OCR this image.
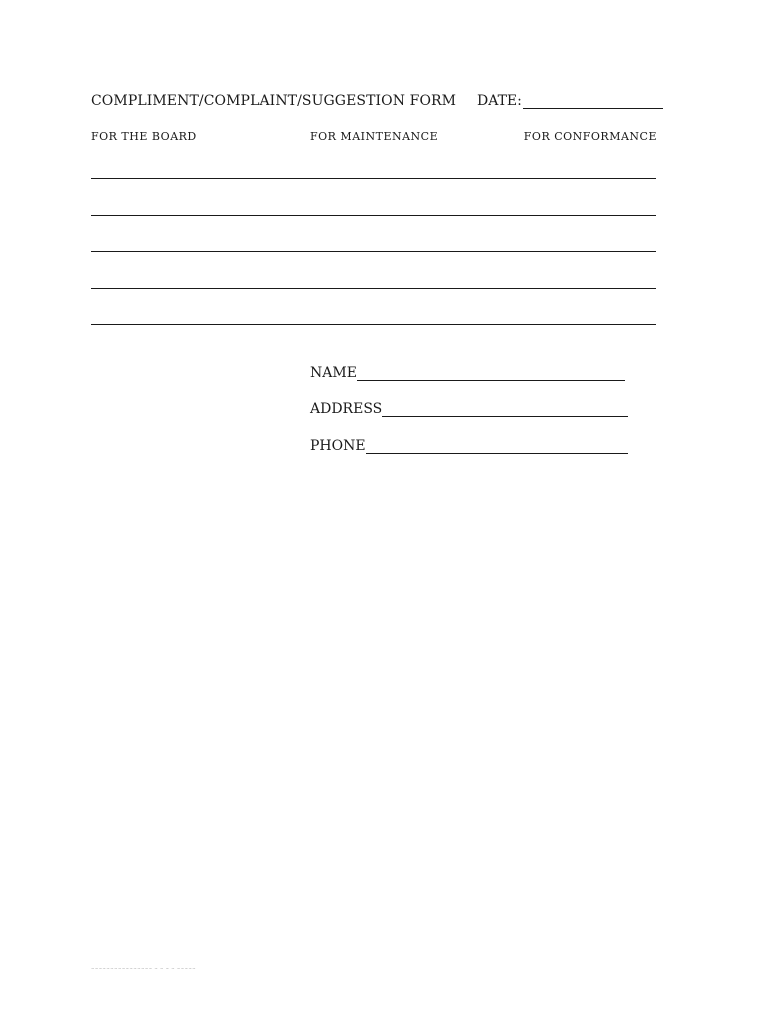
COMPLIMENT/COMPLAINT/SUGGESTION FORM DATE:
FOR THE BOARD	FOR MAINTENANCE	FOR CONFORMANCE
NAME
ADDRESS
PHONE
~~~~~~~~~~~~~~~~ ~ ~ ~ ~ ~~~~~
